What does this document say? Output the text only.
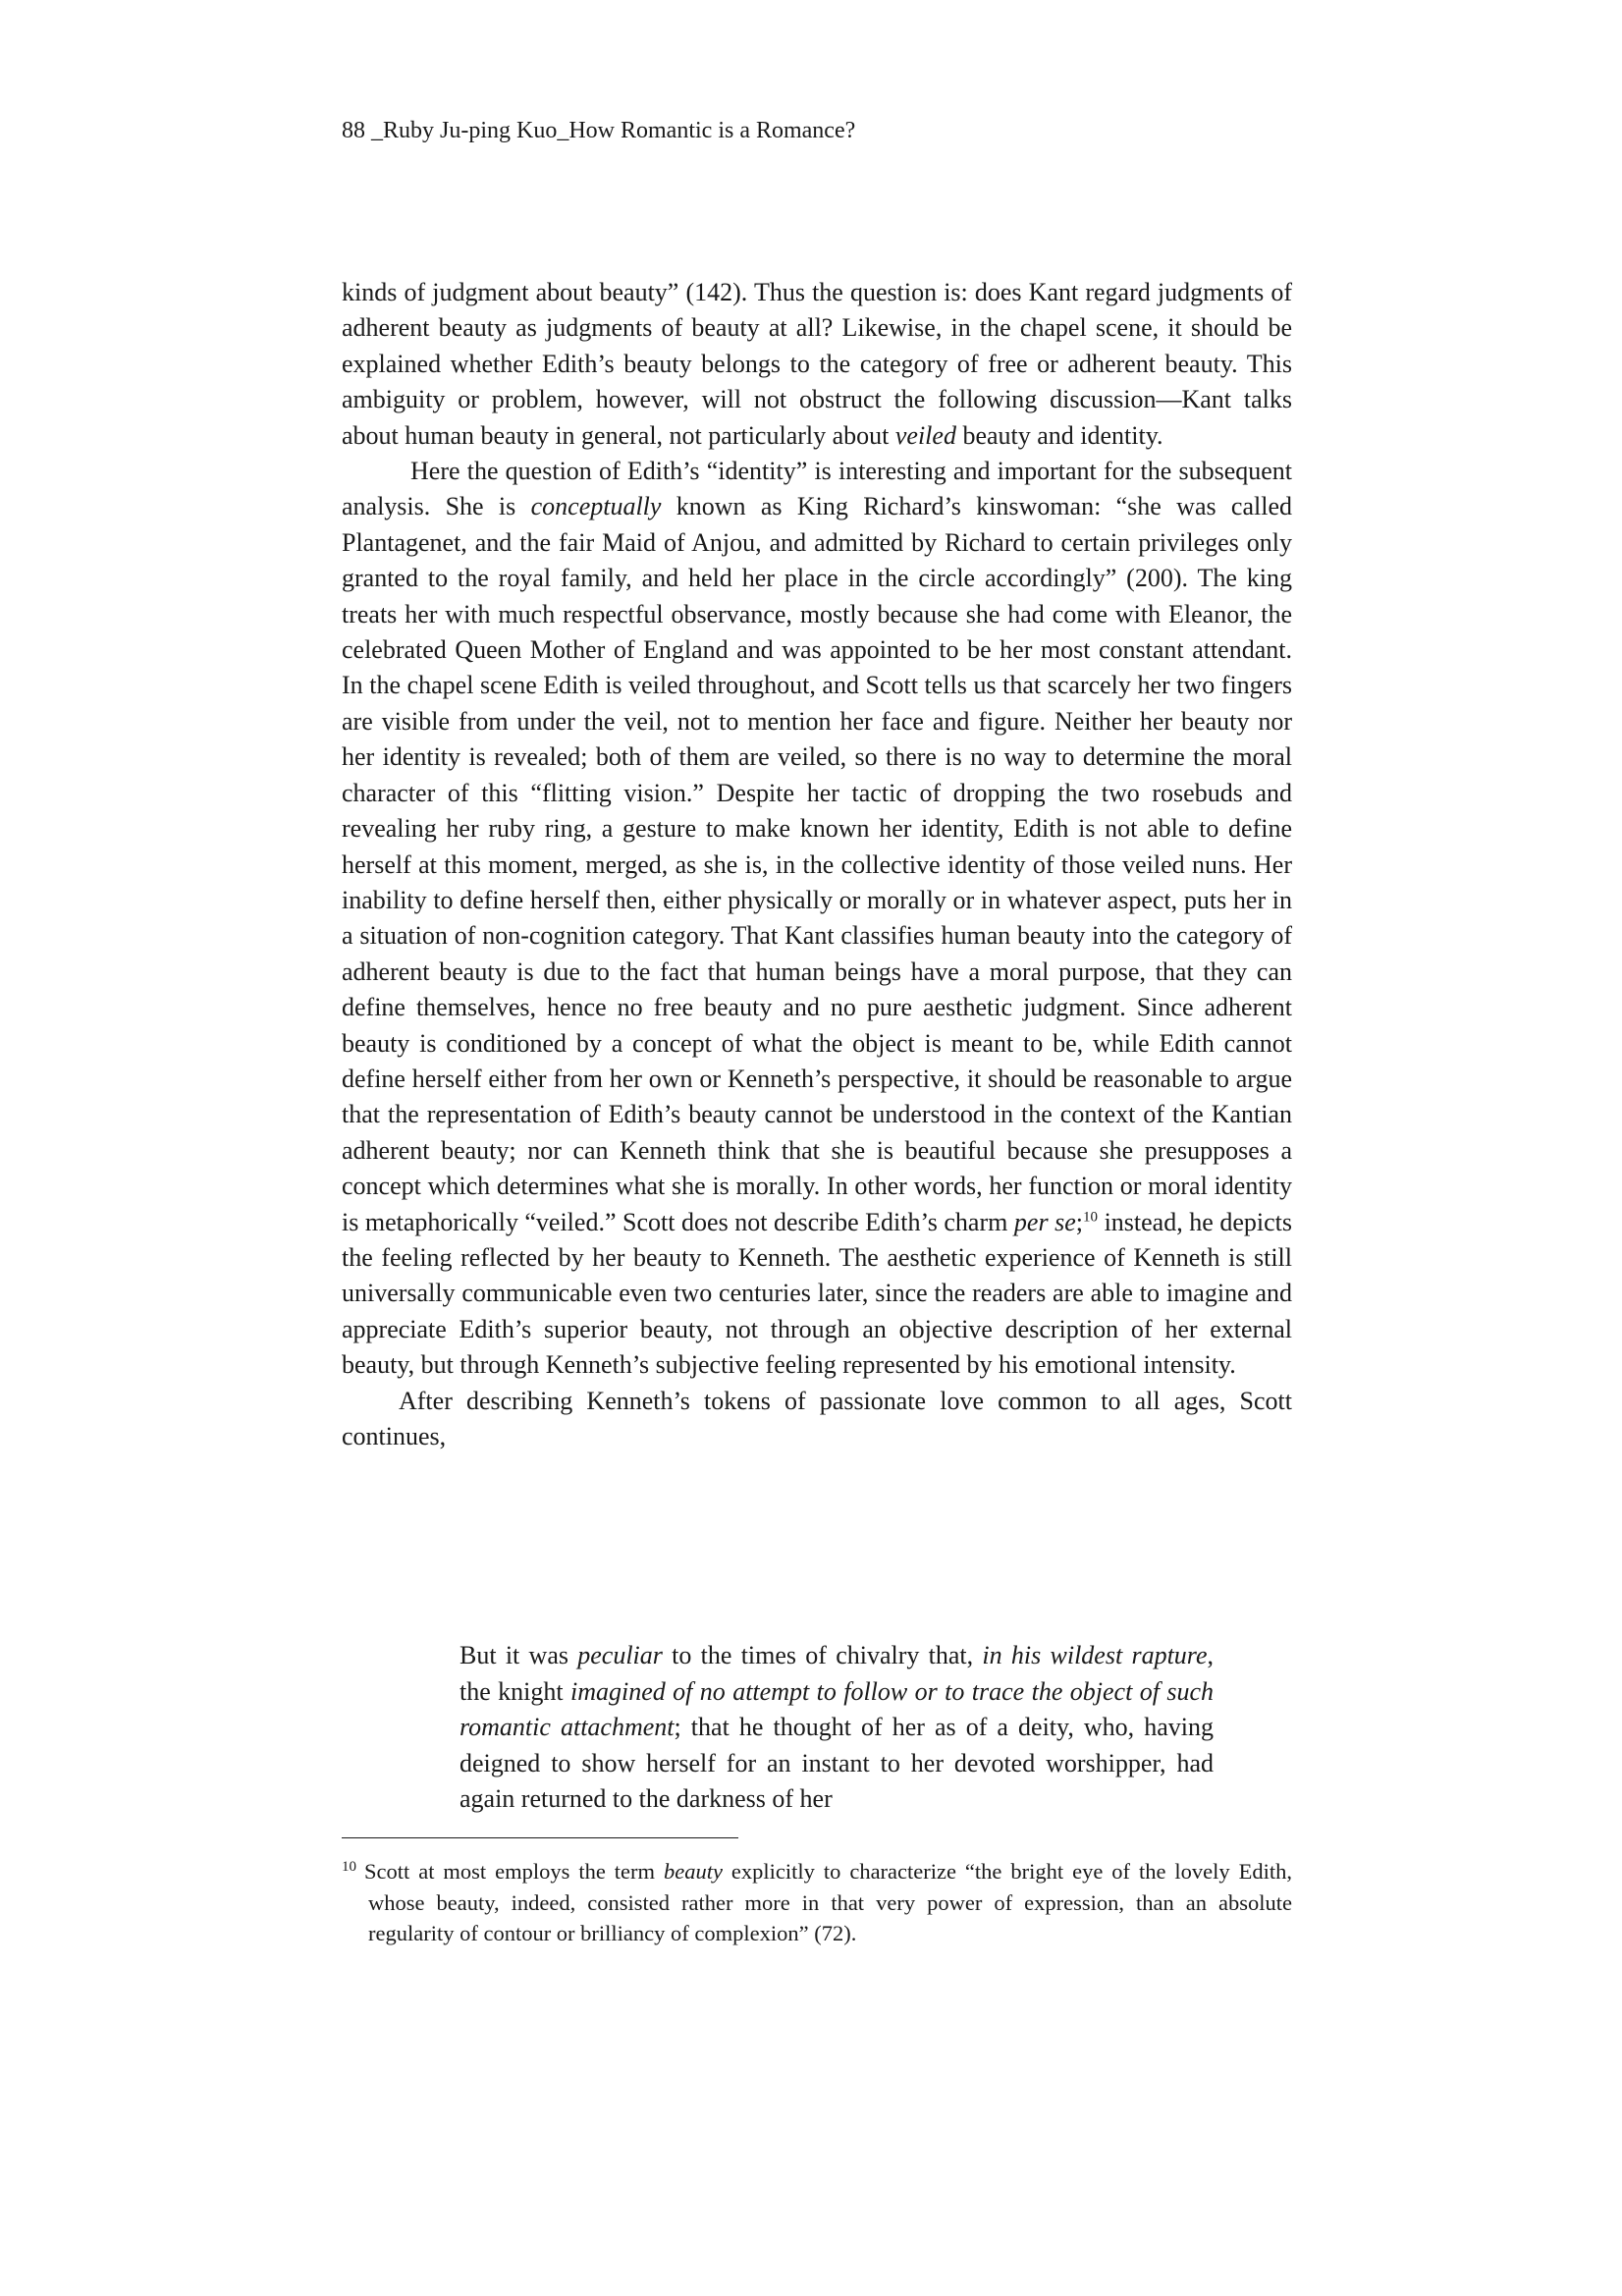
88 _Ruby Ju-ping Kuo_How Romantic is a Romance?

kinds of judgment about beauty” (142). Thus the question is: does Kant regard judgments of adherent beauty as judgments of beauty at all? Likewise, in the chapel scene, it should be explained whether Edith’s beauty belongs to the category of free or adherent beauty. This ambiguity or problem, however, will not obstruct the following discussion—Kant talks about human beauty in general, not particularly about veiled beauty and identity.

Here the question of Edith’s “identity” is interesting and important for the subsequent analysis. She is conceptually known as King Richard’s kinswoman: “she was called Plantagenet, and the fair Maid of Anjou, and admitted by Richard to certain privileges only granted to the royal family, and held her place in the circle accordingly” (200). The king treats her with much respectful observance, mostly because she had come with Eleanor, the celebrated Queen Mother of England and was appointed to be her most constant attendant. In the chapel scene Edith is veiled throughout, and Scott tells us that scarcely her two fingers are visible from under the veil, not to mention her face and figure. Neither her beauty nor her identity is revealed; both of them are veiled, so there is no way to determine the moral character of this “flitting vision.” Despite her tactic of dropping the two rosebuds and revealing her ruby ring, a gesture to make known her identity, Edith is not able to define herself at this moment, merged, as she is, in the collective identity of those veiled nuns. Her inability to define herself then, either physically or morally or in whatever aspect, puts her in a situation of non-cognition category. That Kant classifies human beauty into the category of adherent beauty is due to the fact that human beings have a moral purpose, that they can define themselves, hence no free beauty and no pure aesthetic judgment. Since adherent beauty is conditioned by a concept of what the object is meant to be, while Edith cannot define herself either from her own or Kenneth’s perspective, it should be reasonable to argue that the representation of Edith’s beauty cannot be understood in the context of the Kantian adherent beauty; nor can Kenneth think that she is beautiful because she presupposes a concept which determines what she is morally. In other words, her function or moral identity is metaphorically “veiled.” Scott does not describe Edith’s charm per se;$^{10}$ instead, he depicts the feeling reflected by her beauty to Kenneth. The aesthetic experience of Kenneth is still universally communicable even two centuries later, since the readers are able to imagine and appreciate Edith’s superior beauty, not through an objective description of her external beauty, but through Kenneth’s subjective feeling represented by his emotional intensity.

After describing Kenneth’s tokens of passionate love common to all ages, Scott continues,

But it was peculiar to the times of chivalry that, in his wildest rapture, the knight imagined of no attempt to follow or to trace the object of such romantic attachment; that he thought of her as of a deity, who, having deigned to show herself for an instant to her devoted worshipper, had again returned to the darkness of her

$^{10}$ Scott at most employs the term beauty explicitly to characterize “the bright eye of the lovely Edith, whose beauty, indeed, consisted rather more in that very power of expression, than an absolute regularity of contour or brilliancy of complexion” (72).
